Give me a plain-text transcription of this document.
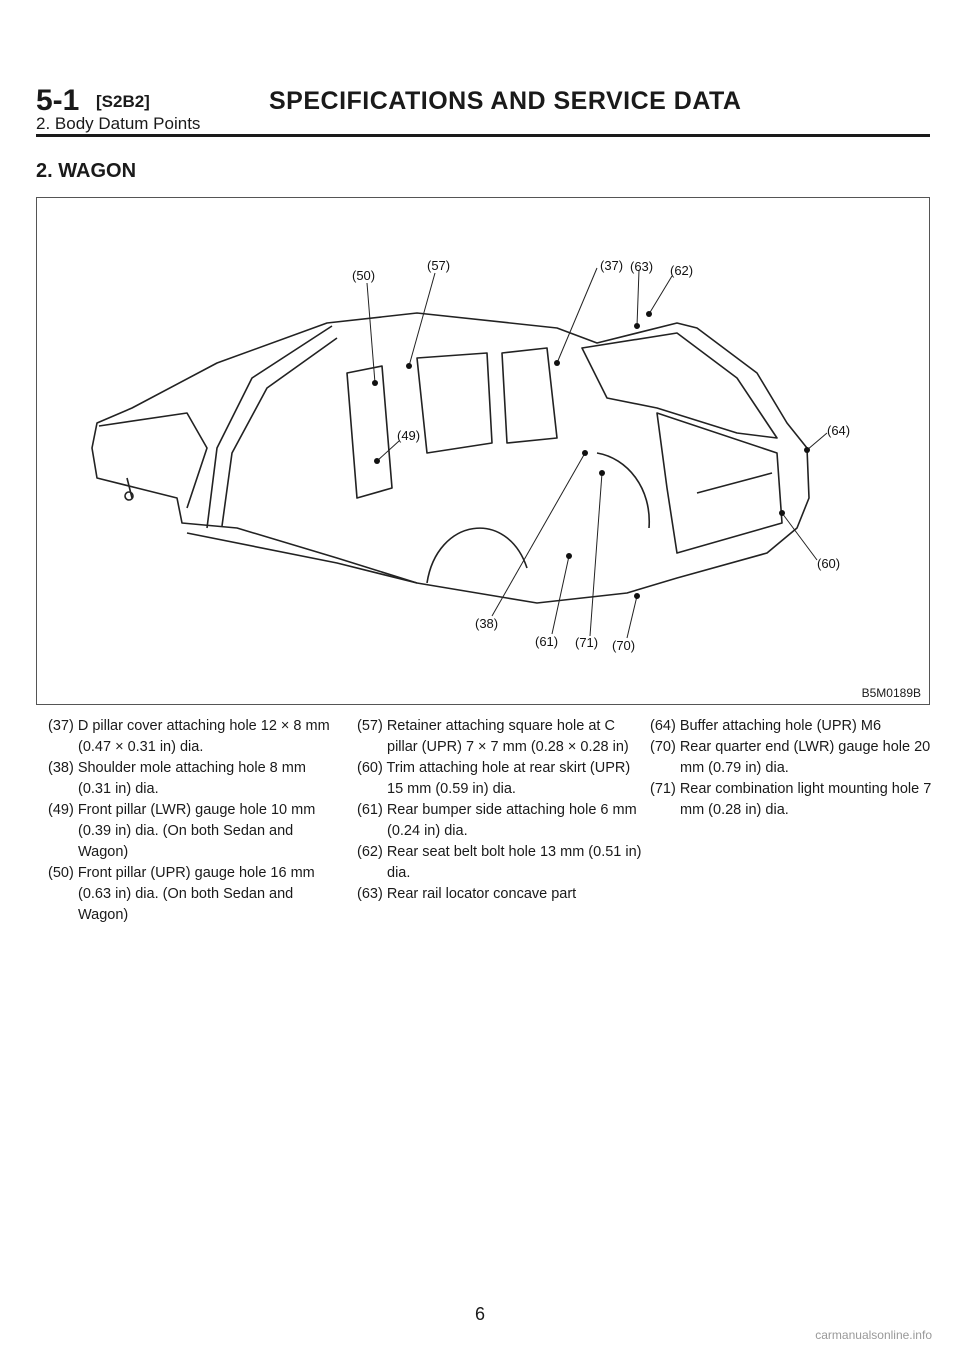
5-1 [S2B2]	SPECIFICATIONS AND SERVICE DATA
2. Body Datum Points
2. WAGON
(50)
(57)	(37) (63) (62)
(49)	(64)
(60)
(38)
(61) (71) (70)
B5M0189B

(37) D pillar cover attaching hole 12 × 8 mm (0.47 × 0.31 in) dia.

(38) Shoulder mole attaching hole 8 mm (0.31 in) dia.

(49) Front pillar (LWR) gauge hole 10 mm (0.39 in) dia. (On both Sedan and Wagon)

(50) Front pillar (UPR) gauge hole 16 mm (0.63 in) dia. (On both Sedan and Wagon)

(57) Retainer attaching square hole at C pillar (UPR) 7 × 7 mm (0.28 × 0.28 in)

(60) Trim attaching hole at rear skirt (UPR) 15 mm (0.59 in) dia.

(61) Rear bumper side attaching hole 6 mm (0.24 in) dia.

(62) Rear seat belt bolt hole 13 mm (0.51 in) dia.

(63) Rear rail locator concave part

(64) Buffer attaching hole (UPR) M6

(70) Rear quarter end (LWR) gauge hole 20 mm (0.79 in) dia.

(71) Rear combination light mounting hole 7 mm (0.28 in) dia.

6
carmanualsonline.info
